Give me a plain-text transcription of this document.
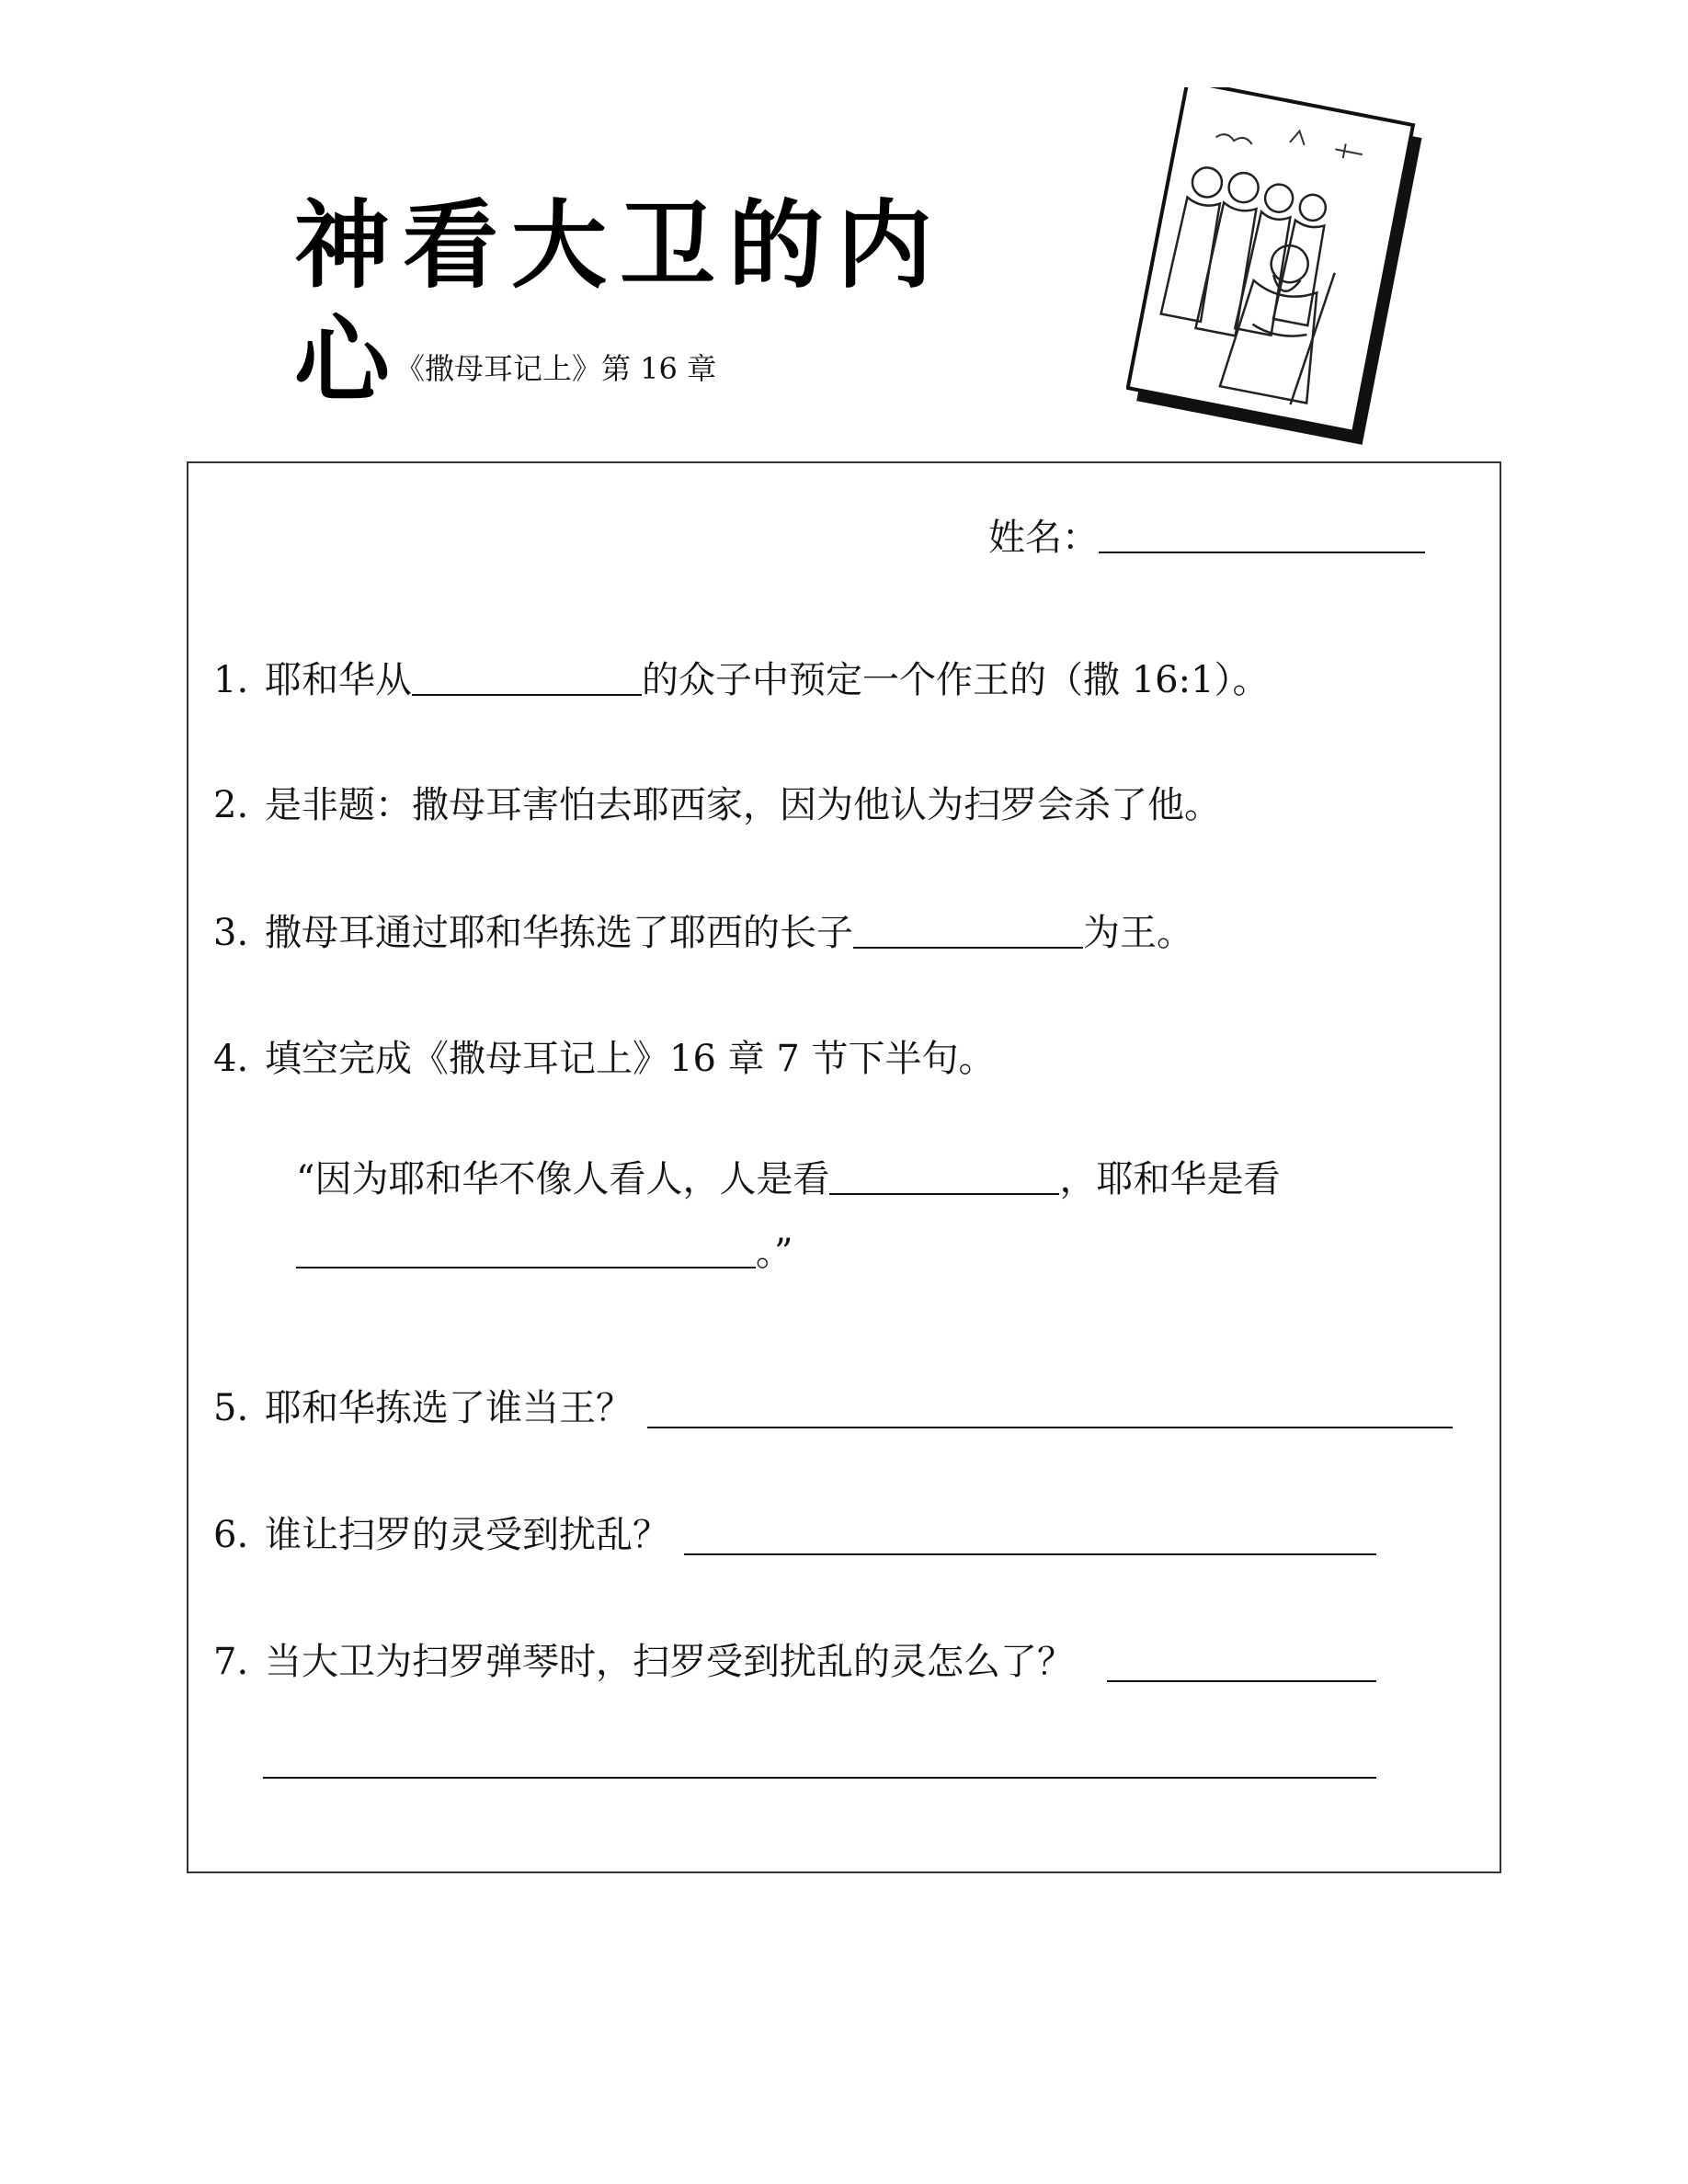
神看大卫的内心
《撒母耳记上》第 16 章
姓名：
1. 耶和华从	的众子中预定一个作王的（撒 16:1）。
2. 是非题：撒母耳害怕去耶西家，因为他认为扫罗会杀了他。
3. 撒母耳通过耶和华拣选了耶西的长子	为王。
4. 填空完成《撒母耳记上》16 章 7 节下半句。
“因为耶和华不像人看人，人是看	，耶和华是看
。”
5. 耶和华拣选了谁当王？
6. 谁让扫罗的灵受到扰乱？
7. 当大卫为扫罗弹琴时，扫罗受到扰乱的灵怎么了？
